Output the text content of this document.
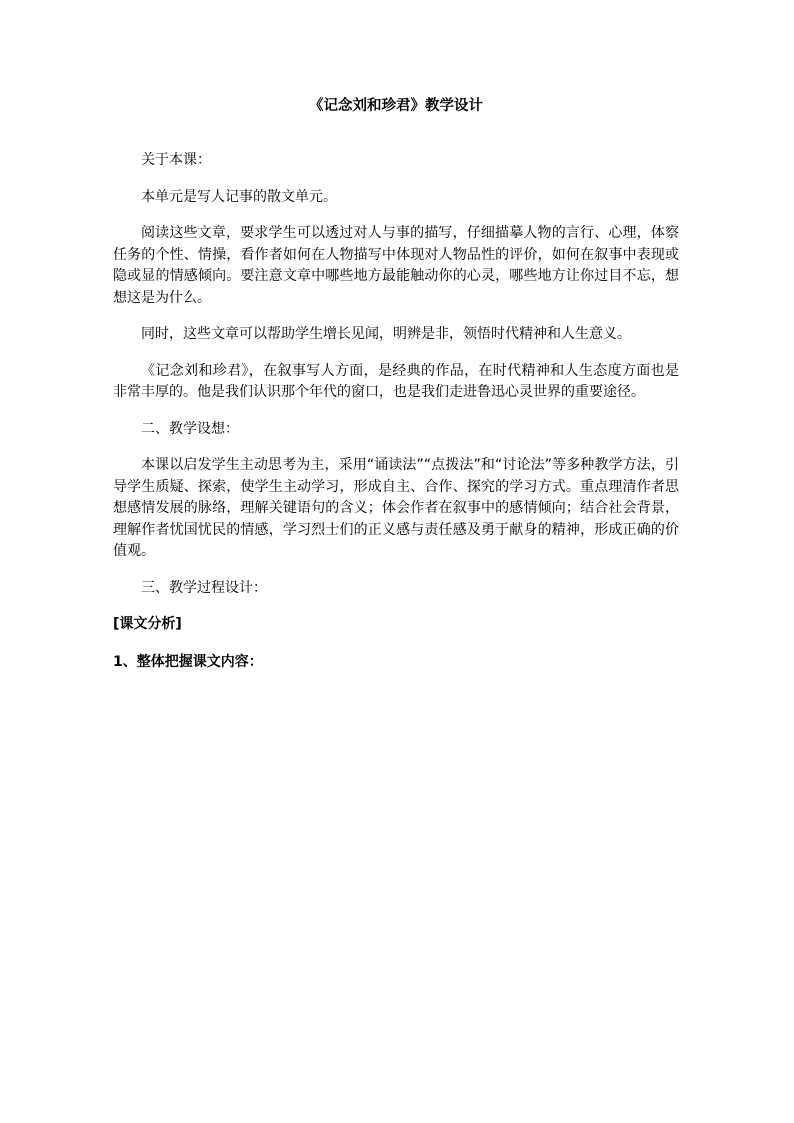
《记念刘和珍君》教学设计

关于本课：

本单元是写人记事的散文单元。

阅读这些文章，要求学生可以透过对人与事的描写，仔细描摹人物的言行、心理，体察任务的个性、情操，看作者如何在人物描写中体现对人物品性的评价，如何在叙事中表现或隐或显的情感倾向。要注意文章中哪些地方最能触动你的心灵，哪些地方让你过目不忘，想想这是为什么。

同时，这些文章可以帮助学生增长见闻，明辨是非，领悟时代精神和人生意义。

《记念刘和珍君》，在叙事写人方面，是经典的作品，在时代精神和人生态度方面也是非常丰厚的。他是我们认识那个年代的窗口，也是我们走进鲁迅心灵世界的重要途径。

二、教学设想：

本课以启发学生主动思考为主，采用“诵读法”“点拨法”和“讨论法”等多种教学方法，引导学生质疑、探索，使学生主动学习，形成自主、合作、探究的学习方式。重点理清作者思想感情发展的脉络，理解关键语句的含义；体会作者在叙事中的感情倾向；结合社会背景，理解作者忧国忧民的情感，学习烈士们的正义感与责任感及勇于献身的精神，形成正确的价值观。

三、教学过程设计：

[课文分析]
1、整体把握课文内容：
